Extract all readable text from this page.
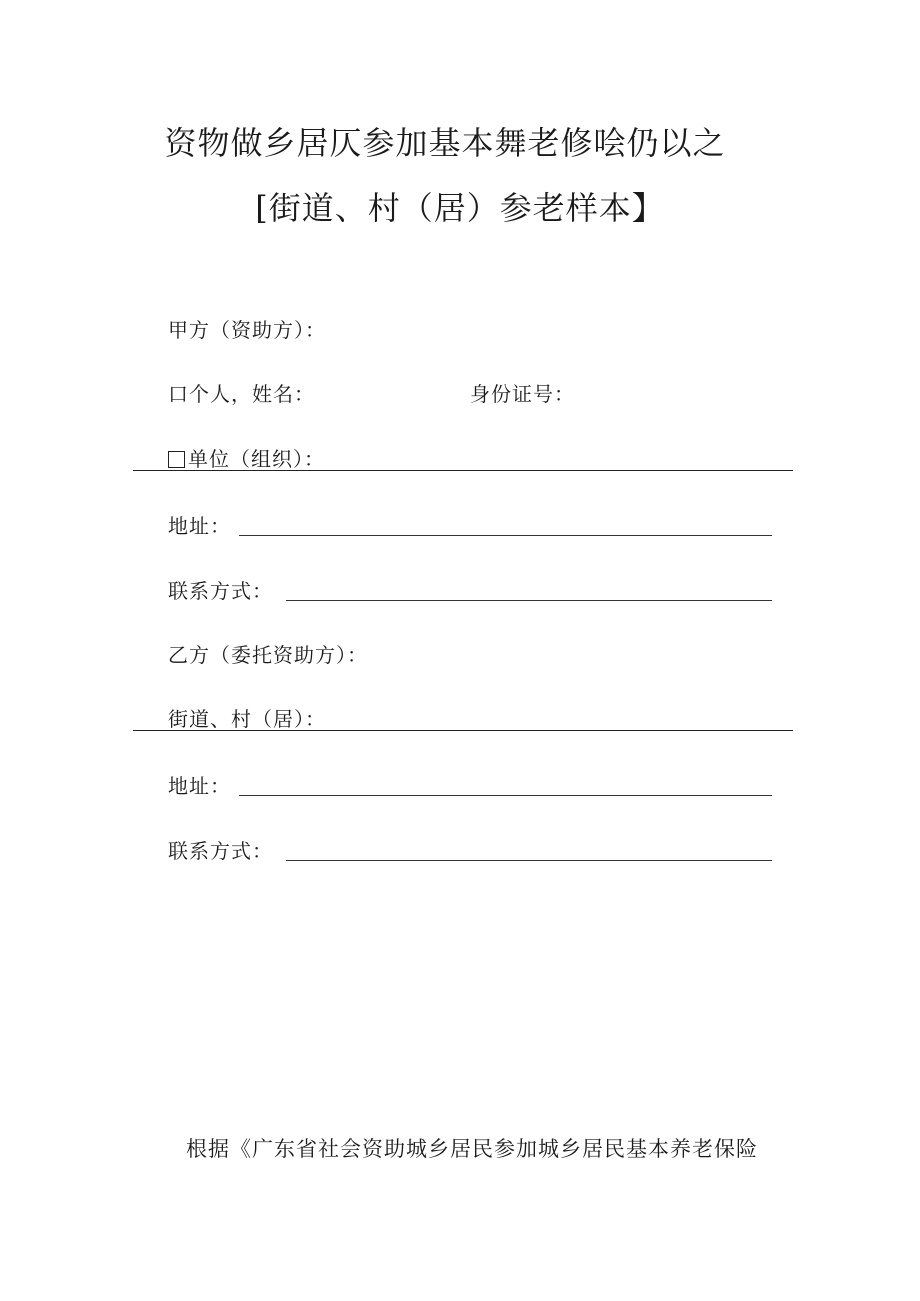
资物做乡居仄参加基本舞老修哙仍以之
[街道、村（居）参老样本】
甲方（资助方）：
口个人，姓名：	身份证号：
单位（组织）：
地址：
联系方式：
乙方（委托资助方）：
街道、村（居）：
地址：
联系方式：
根据《广东省社会资助城乡居民参加城乡居民基本养老保险
